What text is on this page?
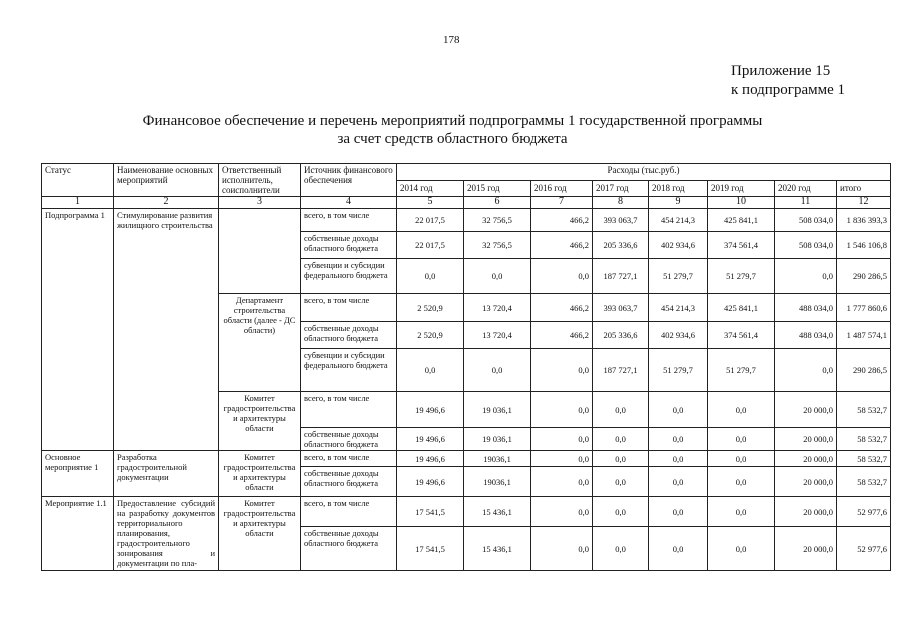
178
Приложение 15
к подпрограмме 1
Финансовое обеспечение и перечень мероприятий подпрограммы 1 государственной программы
за счет средств областного бюджета
Статус	Наименование основных мероприятий	Ответственный исполнитель, соисполнители	Источник финансового обеспечения	Расходы (тыс.руб.)							
				2014 год	2015 год	2016 год	2017 год	2018 год	2019 год	2020 год	итого
1	2	3	4	5	6	7	8	9	10	11	12
Подпрограмма 1	Стимулирование развития жилищного строительства		всего, в том числе	22 017,5	32 756,5	466,2	393 063,7	454 214,3	425 841,1	508 034,0	1 836 393,3
			собственные доходы областного бюджета	22 017,5	32 756,5	466,2	205 336,6	402 934,6	374 561,4	508 034,0	1 546 106,8
			субвенции и субсидии федерального бюджета	0,0	0,0	0,0	187 727,1	51 279,7	51 279,7	0,0	290 286,5
		Департамент строительства области (далее - ДС области)	всего, в том числе	2 520,9	13 720,4	466,2	393 063,7	454 214,3	425 841,1	488 034,0	1 777 860,6
			собственные доходы областного бюджета	2 520,9	13 720,4	466,2	205 336,6	402 934,6	374 561,4	488 034,0	1 487 574,1
			субвенции и субсидии федерального бюджета	0,0	0,0	0,0	187 727,1	51 279,7	51 279,7	0,0	290 286,5
		Комитет градостроительства и архитектуры области	всего, в том числе	19 496,6	19 036,1	0,0	0,0	0,0	0,0	20 000,0	58 532,7
			собственные доходы областного бюджета	19 496,6	19 036,1	0,0	0,0	0,0	0,0	20 000,0	58 532,7
Основное мероприятие 1	Разработка градостроительной документации	Комитет градостроительства и архитектуры области	всего, в том числе	19 496,6	19036,1	0,0	0,0	0,0	0,0	20 000,0	58 532,7
			собственные доходы областного бюджета	19 496,6	19036,1	0,0	0,0	0,0	0,0	20 000,0	58 532,7
Мероприятие 1.1	Предоставление субсидий на разработку документов территориального планирования, градостроительного зонирования и документации по пла-	Комитет градостроительства и архитектуры области	всего, в том числе	17 541,5	15 436,1	0,0	0,0	0,0	0,0	20 000,0	52 977,6
			собственные доходы областного бюджета	17 541,5	15 436,1	0,0	0,0	0,0	0,0	20 000,0	52 977,6
